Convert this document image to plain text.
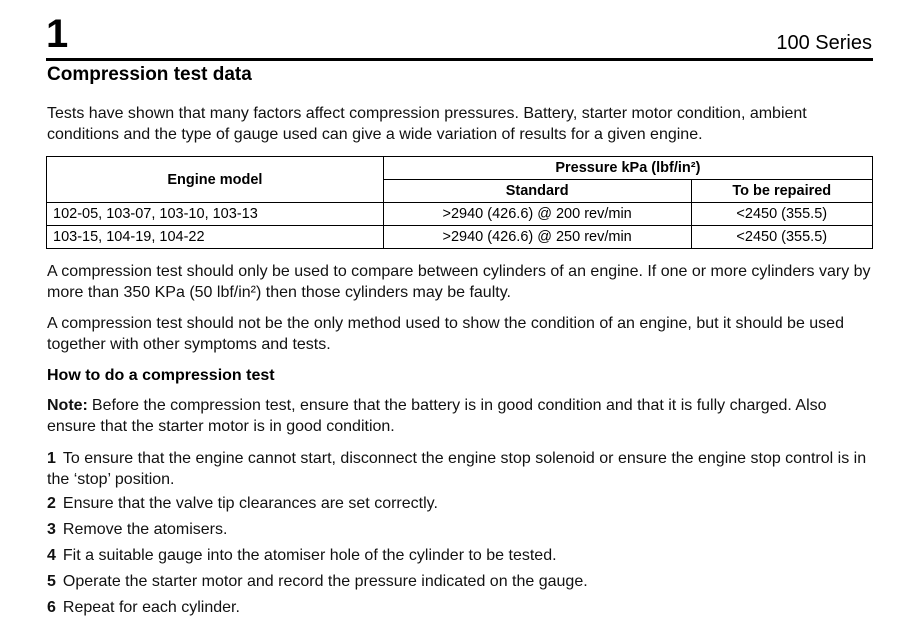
1	100 Series
Compression test data
Tests have shown that many factors affect compression pressures. Battery, starter motor condition, ambient conditions and the type of gauge used can give a wide variation of results for a given engine.
Engine model	Pressure kPa (lbf/in²)	
	Standard	To be repaired
102-05, 103-07, 103-10, 103-13	>2940 (426.6) @ 200 rev/min	<2450 (355.5)
103-15, 104-19, 104-22	>2940 (426.6) @ 250 rev/min	<2450 (355.5)
A compression test should only be used to compare between cylinders of an engine. If one or more cylinders vary by more than 350 KPa (50 lbf/in²) then those cylinders may be faulty.
A compression test should not be the only method used to show the condition of an engine, but it should be used together with other symptoms and tests.
How to do a compression test
Note: Before the compression test, ensure that the battery is in good condition and that it is fully charged. Also ensure that the starter motor is in good condition.
1 To ensure that the engine cannot start, disconnect the engine stop solenoid or ensure the engine stop control is in the ‘stop’ position.
2 Ensure that the valve tip clearances are set correctly.
3 Remove the atomisers.
4 Fit a suitable gauge into the atomiser hole of the cylinder to be tested.
5 Operate the starter motor and record the pressure indicated on the gauge.
6 Repeat for each cylinder.
